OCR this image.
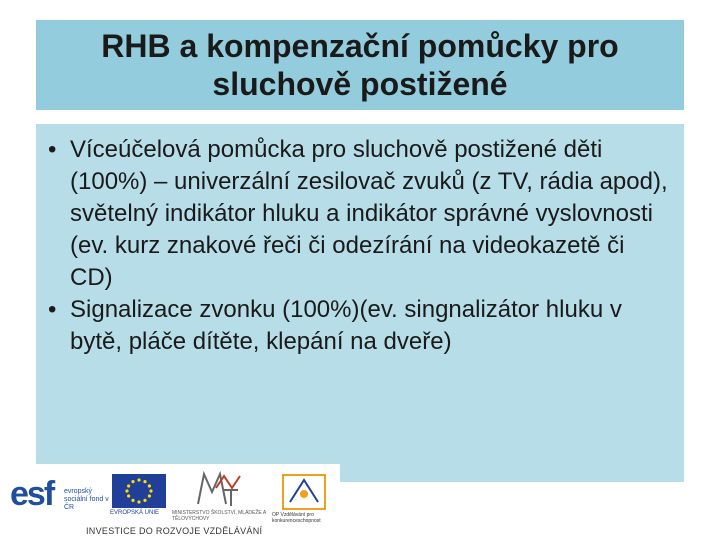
RHB a kompenzační pomůcky pro sluchově postižené
• Víceúčelová pomůcka pro sluchově postižené děti (100%) – univerzální zesilovač zvuků (z TV, rádia apod), světelný indikátor hluku a indikátor správné vyslovnosti (ev. kurz znakové řeči či odezírání na videokazetě či CD)
• Signalizace zvonku (100%)(ev. singnalizátor hluku v bytě, pláče dítěte, klepání na dveře)
esf	evropský sociální fond v ČR
EVROPSKÁ UNIE	MINISTERSTVO ŠKOLSTVÍ, MLÁDEŽE A TĚLOVÝCHOVY
OP Vzdělávání pro konkurenceschopnost
INVESTICE DO ROZVOJE VZDĚLÁVÁNÍ
